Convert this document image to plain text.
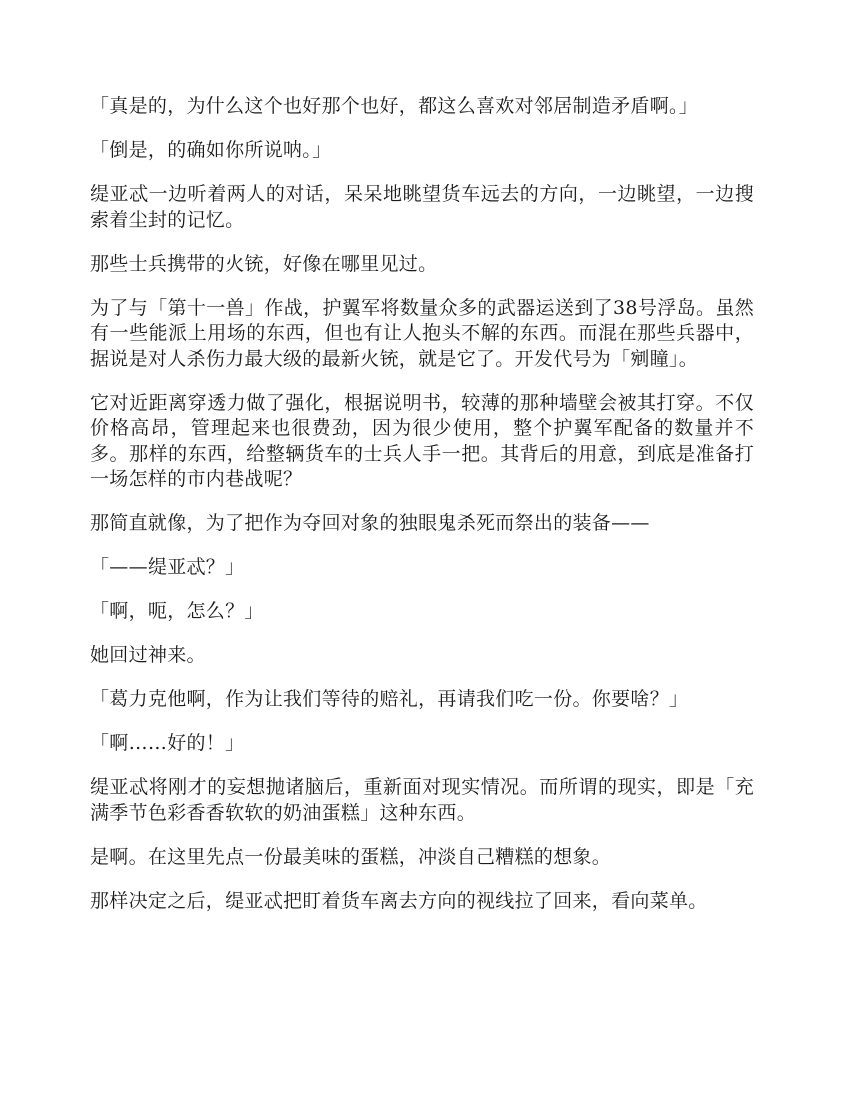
「真是的，为什么这个也好那个也好，都这么喜欢对邻居制造矛盾啊。」

「倒是，的确如你所说呐。」

缇亚忒一边听着两人的对话，呆呆地眺望货车远去的方向，一边眺望，一边搜索着尘封的记忆。

那些士兵携带的火铳，好像在哪里见过。

为了与「第十一兽」作战，护翼军将数量众多的武器运送到了38号浮岛。虽然有一些能派上用场的东西，但也有让人抱头不解的东西。而混在那些兵器中，据说是对人杀伤力最大级的最新火铳，就是它了。开发代号为「剜瞳」。

它对近距离穿透力做了强化，根据说明书，较薄的那种墙壁会被其打穿。不仅价格高昂，管理起来也很费劲，因为很少使用，整个护翼军配备的数量并不多。那样的东西，给整辆货车的士兵人手一把。其背后的用意，到底是准备打一场怎样的市内巷战呢？

那简直就像，为了把作为夺回对象的独眼鬼杀死而祭出的装备——

「——缇亚忒？」

「啊，呃，怎么？」

她回过神来。

「葛力克他啊，作为让我们等待的赔礼，再请我们吃一份。你要啥？」

「啊……好的！」

缇亚忒将刚才的妄想抛诸脑后，重新面对现实情况。而所谓的现实，即是「充满季节色彩香香软软的奶油蛋糕」这种东西。

是啊。在这里先点一份最美味的蛋糕，冲淡自己糟糕的想象。

那样决定之后，缇亚忒把盯着货车离去方向的视线拉了回来，看向菜单。
